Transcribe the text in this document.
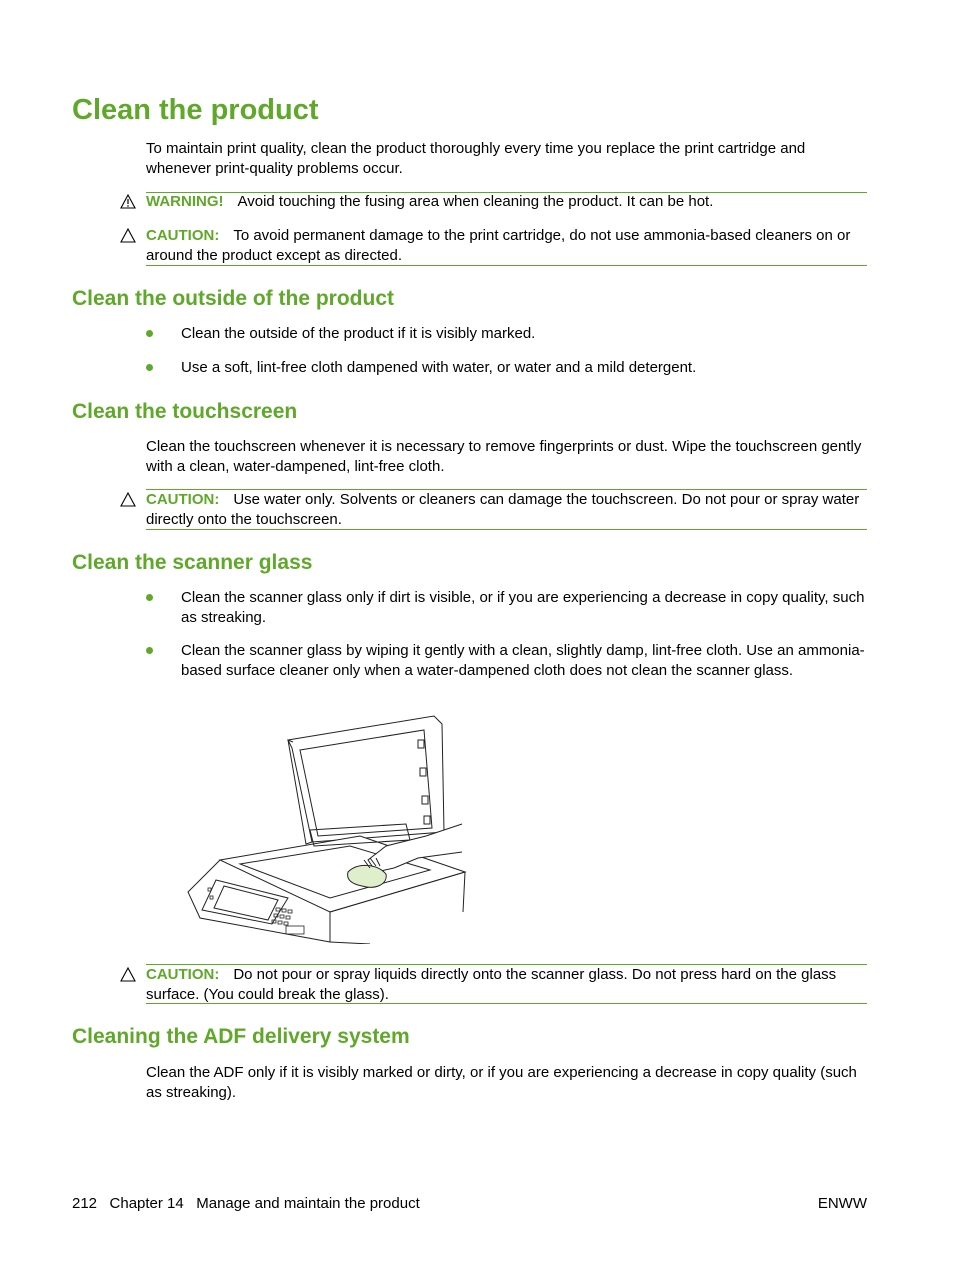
Clean the product

To maintain print quality, clean the product thoroughly every time you replace the print cartridge and whenever print-quality problems occur.

WARNING! Avoid touching the fusing area when cleaning the product. It can be hot.
CAUTION: To avoid permanent damage to the print cartridge, do not use ammonia-based cleaners on or around the product except as directed.
Clean the outside of the product

Clean the outside of the product if it is visibly marked.

Use a soft, lint-free cloth dampened with water, or water and a mild detergent.

Clean the touchscreen

Clean the touchscreen whenever it is necessary to remove fingerprints or dust. Wipe the touchscreen gently with a clean, water-dampened, lint-free cloth.

CAUTION: Use water only. Solvents or cleaners can damage the touchscreen. Do not pour or spray water directly onto the touchscreen.
Clean the scanner glass

Clean the scanner glass only if dirt is visible, or if you are experiencing a decrease in copy quality, such as streaking.

Clean the scanner glass by wiping it gently with a clean, slightly damp, lint-free cloth. Use an ammonia-based surface cleaner only when a water-dampened cloth does not clean the scanner glass.

CAUTION: Do not pour or spray liquids directly onto the scanner glass. Do not press hard on the glass surface. (You could break the glass).
Cleaning the ADF delivery system

Clean the ADF only if it is visibly marked or dirty, or if you are experiencing a decrease in copy quality (such as streaking).

212   Chapter 14   Manage and maintain the product	ENWW
